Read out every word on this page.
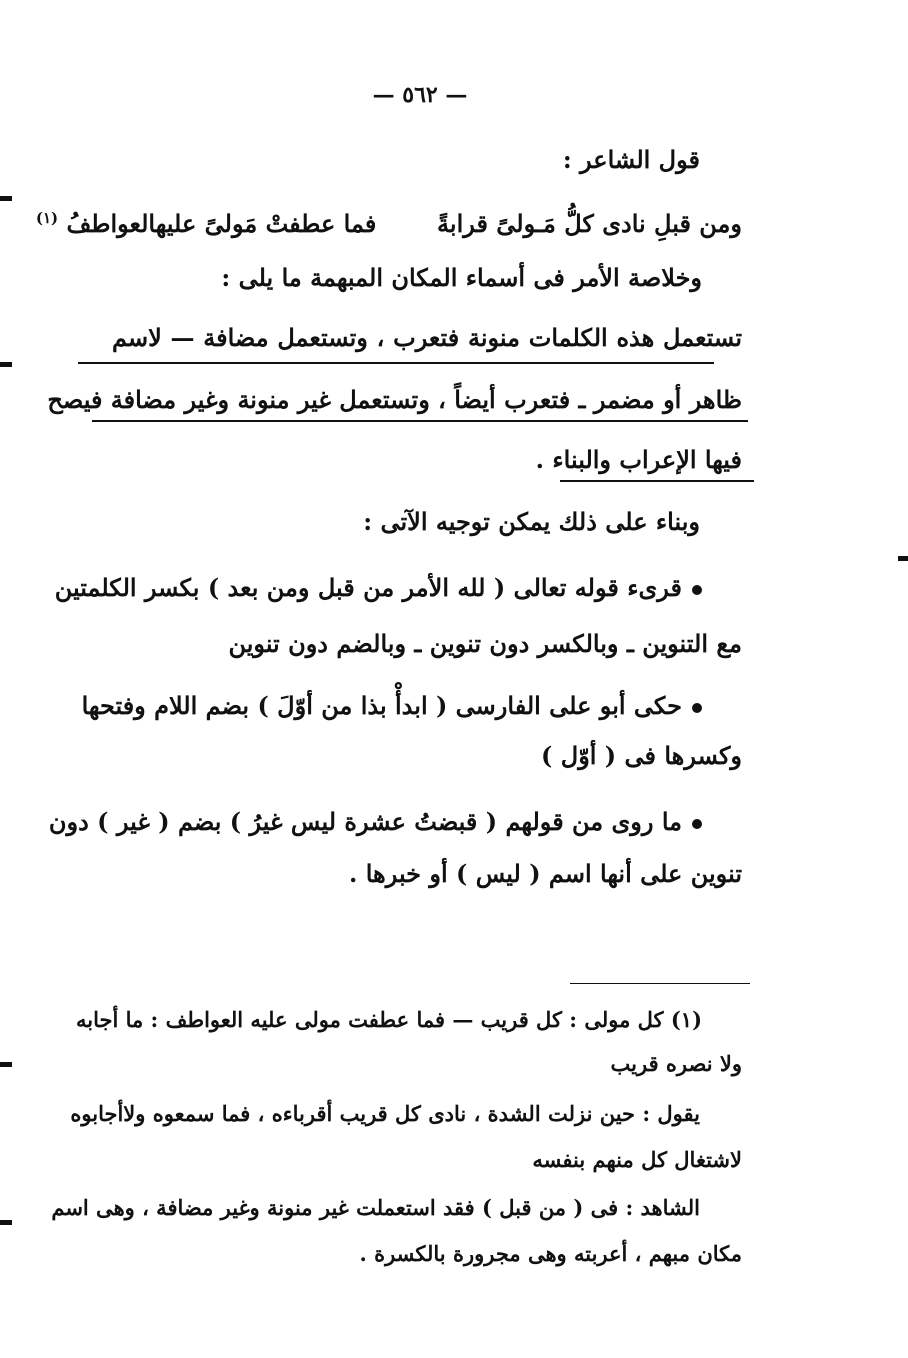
— ٥٦٢ —
قول الشاعر :
ومن قبلِ نادى كلُّ مَـولىً قرابةً  فما عطفتْ مَولىً عليهالعواطفُ $^{(١)}$
وخلاصة الأمر فى أسماء المكان المبهمة ما يلى :
تستعمل هذه الكلمات منونة فتعرب ، وتستعمل مضافة — لاسم
ظاهر أو مضمر ـ فتعرب أيضاً ، وتستعمل غير منونة وغير مضافة فيصح
فيها الإعراب والبناء .
وبناء على ذلك يمكن توجيه الآتى :
قرىء قوله تعالى ( لله الأمر من قبل ومن بعد ) بكسر الكلمتين
مع التنوين ـ وبالكسر دون تنوين ـ وبالضم دون تنوين
حكى أبو على الفارسى ( ابدأْ بذا من أوّلَ ) بضم اللام وفتحها
وكسرها فى ( أوّل )
ما روى من قولهم ( قبضتُ عشرة ليس غيرُ ) بضم ( غير ) دون
تنوين على أنها اسم ( ليس ) أو خبرها .
(١) كل مولى : كل قريب — فما عطفت مولى عليه العواطف : ما أجابه
ولا نصره قريب
يقول : حين نزلت الشدة ، نادى كل قريب أقرباءه ، فما سمعوه ولاأجابوه
لاشتغال كل منهم بنفسه
الشاهد : فى ( من قبل ) فقد استعملت غير منونة وغير مضافة ، وهى اسم
مكان مبهم ، أعربته وهى مجرورة بالكسرة .
